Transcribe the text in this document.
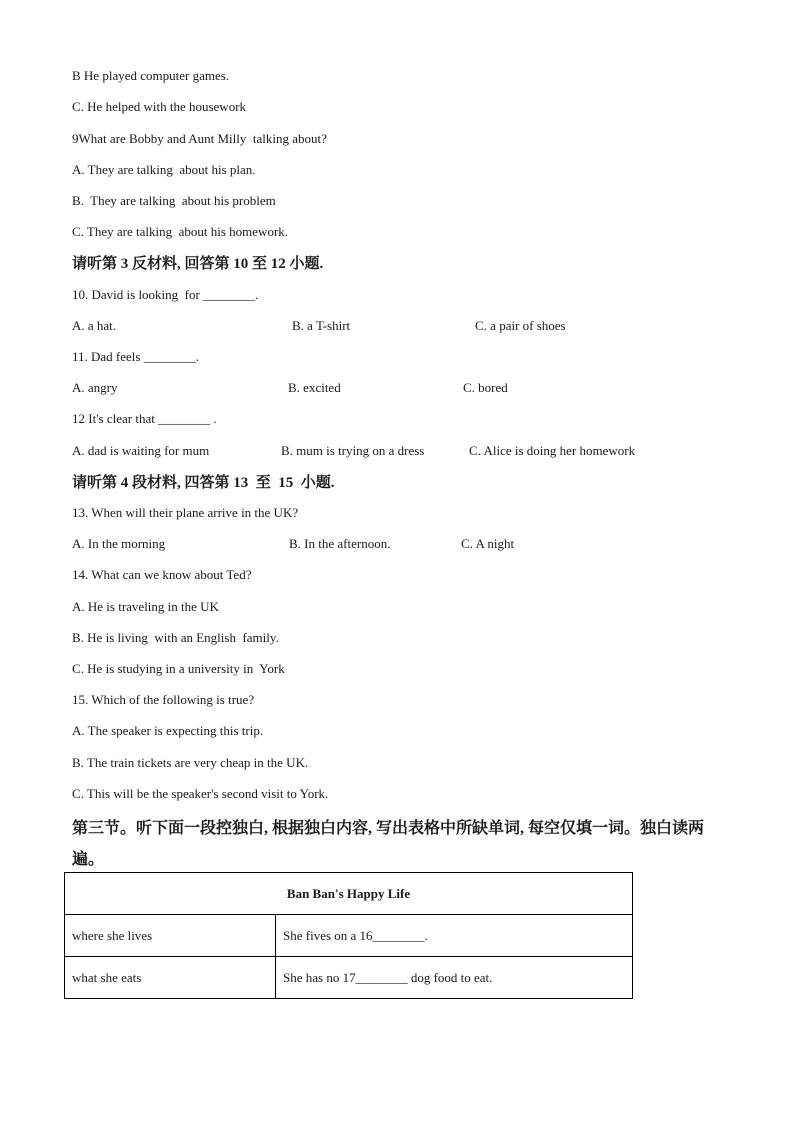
B He played computer games.
C. He helped with the housework
9What are Bobby and Aunt Milly  talking about?
A. They are talking  about his plan.
B.  They are talking  about his problem
C. They are talking  about his homework.
请听第 3 反材料, 回答第 10 至 12 小题.
10. David is looking  for ________.
A. a hat.	B. a T-shirt	C. a pair of shoes
11. Dad feels ________.
A. angry	B. excited	C. bored
12 It's clear that ________ .
A. dad is waiting for mum	B. mum is trying on a dress	C. Alice is doing her homework
请听第 4 段材料, 四答第 13  至  15  小题.
13. When will their plane arrive in the UK?
A. In the morning	B. In the afternoon.	C. A night
14. What can we know about Ted?
A. He is traveling in the UK
B. He is living  with an English  family.
C. He is studying in a university in  York
15. Which of the following is true?
A. The speaker is expecting this trip.
B. The train tickets are very cheap in the UK.
C. This will be the speaker's second visit to York.
第三节。听下面一段控独白, 根据独白内容, 写出表格中所缺单词, 每空仅填一词。独白读两遍。
Ban Ban's Happy Life	
where she lives	She fives on a 16________.
what she eats	She has no 17________ dog food to eat.
